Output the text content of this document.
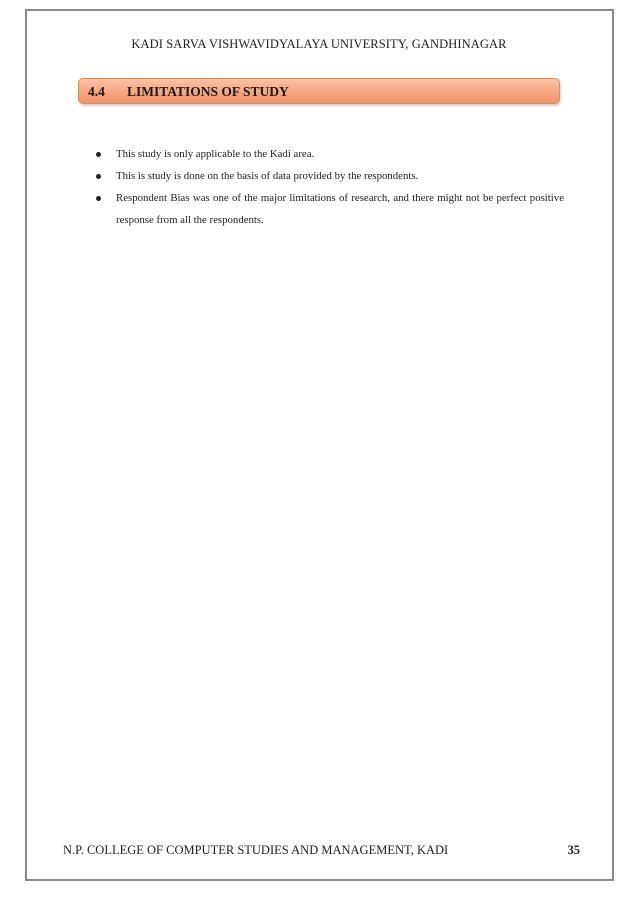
KADI SARVA VISHWAVIDYALAYA UNIVERSITY, GANDHINAGAR
4.4 LIMITATIONS OF STUDY
This study is only applicable to the Kadi area.
This is study is done on the basis of data provided by the respondents.
Respondent Bias was one of the major limitations of research, and there might not be perfect positive response from all the respondents.
N.P. COLLEGE OF COMPUTER STUDIES AND MANAGEMENT, KADI	35
